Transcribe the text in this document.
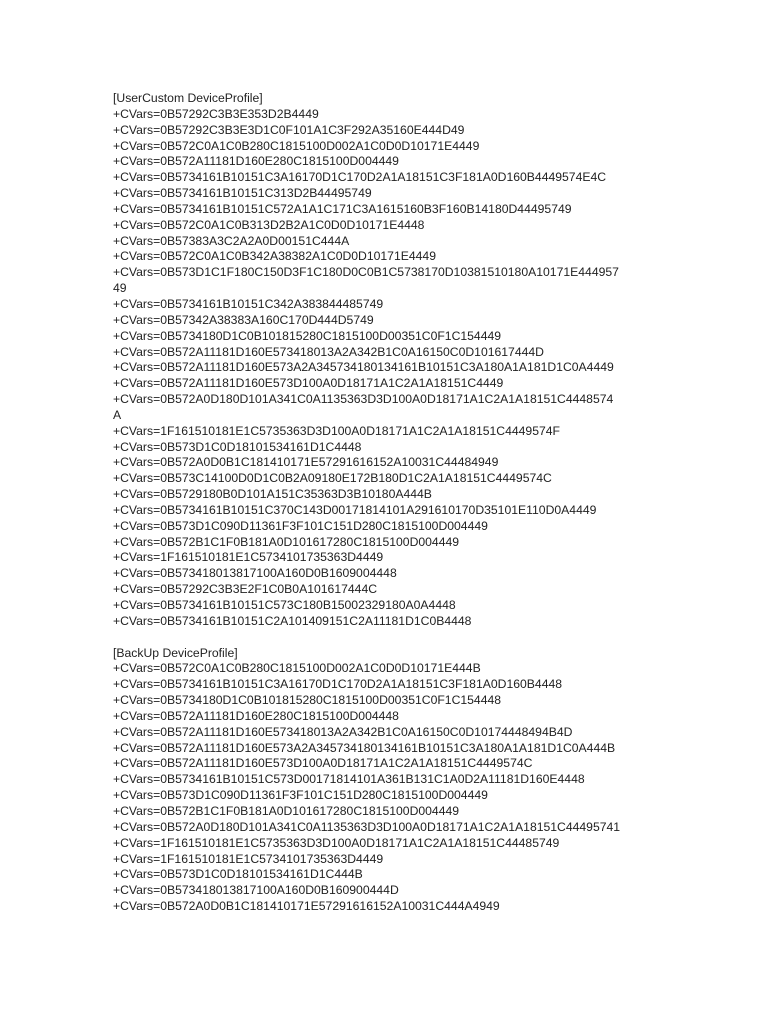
[UserCustom DeviceProfile]
+CVars=0B57292C3B3E353D2B4449
+CVars=0B57292C3B3E3D1C0F101A1C3F292A35160E444D49
+CVars=0B572C0A1C0B280C1815100D002A1C0D0D10171E4449
+CVars=0B572A11181D160E280C1815100D004449
+CVars=0B5734161B10151C3A16170D1C170D2A1A18151C3F181A0D160B4449574E4C
+CVars=0B5734161B10151C313D2B44495749
+CVars=0B5734161B10151C572A1A1C171C3A1615160B3F160B14180D44495749
+CVars=0B572C0A1C0B313D2B2A1C0D0D10171E4448
+CVars=0B57383A3C2A2A0D00151C444A
+CVars=0B572C0A1C0B342A38382A1C0D0D10171E4449
+CVars=0B573D1C1F180C150D3F1C180D0C0B1C5738170D10381510180A10171E444957
49
+CVars=0B5734161B10151C342A383844485749
+CVars=0B57342A38383A160C170D444D5749
+CVars=0B5734180D1C0B101815280C1815100D00351C0F1C154449
+CVars=0B572A11181D160E573418013A2A342B1C0A16150C0D101617444D
+CVars=0B572A11181D160E573A2A345734180134161B10151C3A180A1A181D1C0A4449
+CVars=0B572A11181D160E573D100A0D18171A1C2A1A18151C4449
+CVars=0B572A0D180D101A341C0A1135363D3D100A0D18171A1C2A1A18151C4448574
A
+CVars=1F161510181E1C5735363D3D100A0D18171A1C2A1A18151C4449574F
+CVars=0B573D1C0D18101534161D1C4448
+CVars=0B572A0D0B1C181410171E57291616152A10031C44484949
+CVars=0B573C14100D0D1C0B2A09180E172B180D1C2A1A18151C4449574C
+CVars=0B5729180B0D101A151C35363D3B10180A444B
+CVars=0B5734161B10151C370C143D00171814101A291610170D35101E110D0A4449
+CVars=0B573D1C090D11361F3F101C151D280C1815100D004449
+CVars=0B572B1C1F0B181A0D101617280C1815100D004449
+CVars=1F161510181E1C5734101735363D4449
+CVars=0B573418013817100A160D0B1609004448
+CVars=0B57292C3B3E2F1C0B0A101617444C
+CVars=0B5734161B10151C573C180B15002329180A0A4448
+CVars=0B5734161B10151C2A101409151C2A11181D1C0B4448
[BackUp DeviceProfile]
+CVars=0B572C0A1C0B280C1815100D002A1C0D0D10171E444B
+CVars=0B5734161B10151C3A16170D1C170D2A1A18151C3F181A0D160B4448
+CVars=0B5734180D1C0B101815280C1815100D00351C0F1C154448
+CVars=0B572A11181D160E280C1815100D004448
+CVars=0B572A11181D160E573418013A2A342B1C0A16150C0D10174448494B4D
+CVars=0B572A11181D160E573A2A345734180134161B10151C3A180A1A181D1C0A444B
+CVars=0B572A11181D160E573D100A0D18171A1C2A1A18151C4449574C
+CVars=0B5734161B10151C573D00171814101A361B131C1A0D2A11181D160E4448
+CVars=0B573D1C090D11361F3F101C151D280C1815100D004449
+CVars=0B572B1C1F0B181A0D101617280C1815100D004449
+CVars=0B572A0D180D101A341C0A1135363D3D100A0D18171A1C2A1A18151C44495741
+CVars=1F161510181E1C5735363D3D100A0D18171A1C2A1A18151C44485749
+CVars=1F161510181E1C5734101735363D4449
+CVars=0B573D1C0D18101534161D1C444B
+CVars=0B573418013817100A160D0B160900444D
+CVars=0B572A0D0B1C181410171E57291616152A10031C444A4949
